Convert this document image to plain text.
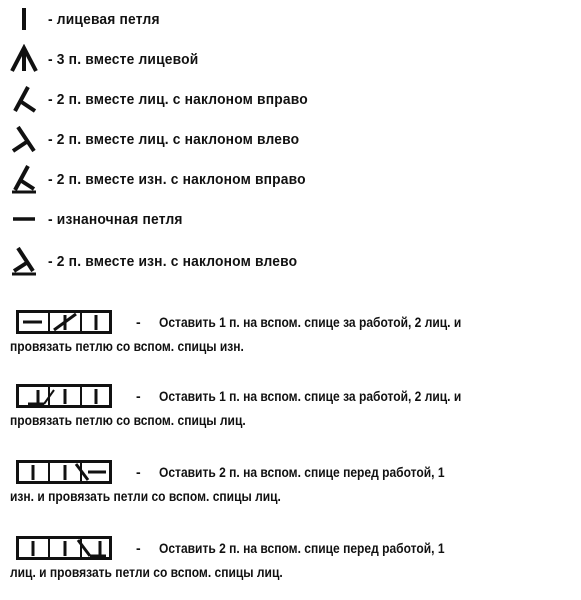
- лицевая петля
- 3 п. вместе лицевой
- 2 п. вместе лиц. с наклоном вправо
- 2 п. вместе лиц. с наклоном влево
- 2 п. вместе изн. с наклоном вправо
- изнаночная петля
- 2 п. вместе изн. с наклоном влево
- Оставить 1 п. на вспом. спице за работой, 2 лиц. и
провязать петлю со вспом. спицы изн.
- Оставить 1 п. на вспом. спице за работой, 2 лиц. и
провязать петлю со вспом. спицы лиц.
- Оставить 2 п. на вспом. спице перед работой, 1
изн. и провязать петли со вспом. спицы лиц.
- Оставить 2 п. на вспом. спице перед работой, 1
лиц. и провязать петли со вспом. спицы лиц.
